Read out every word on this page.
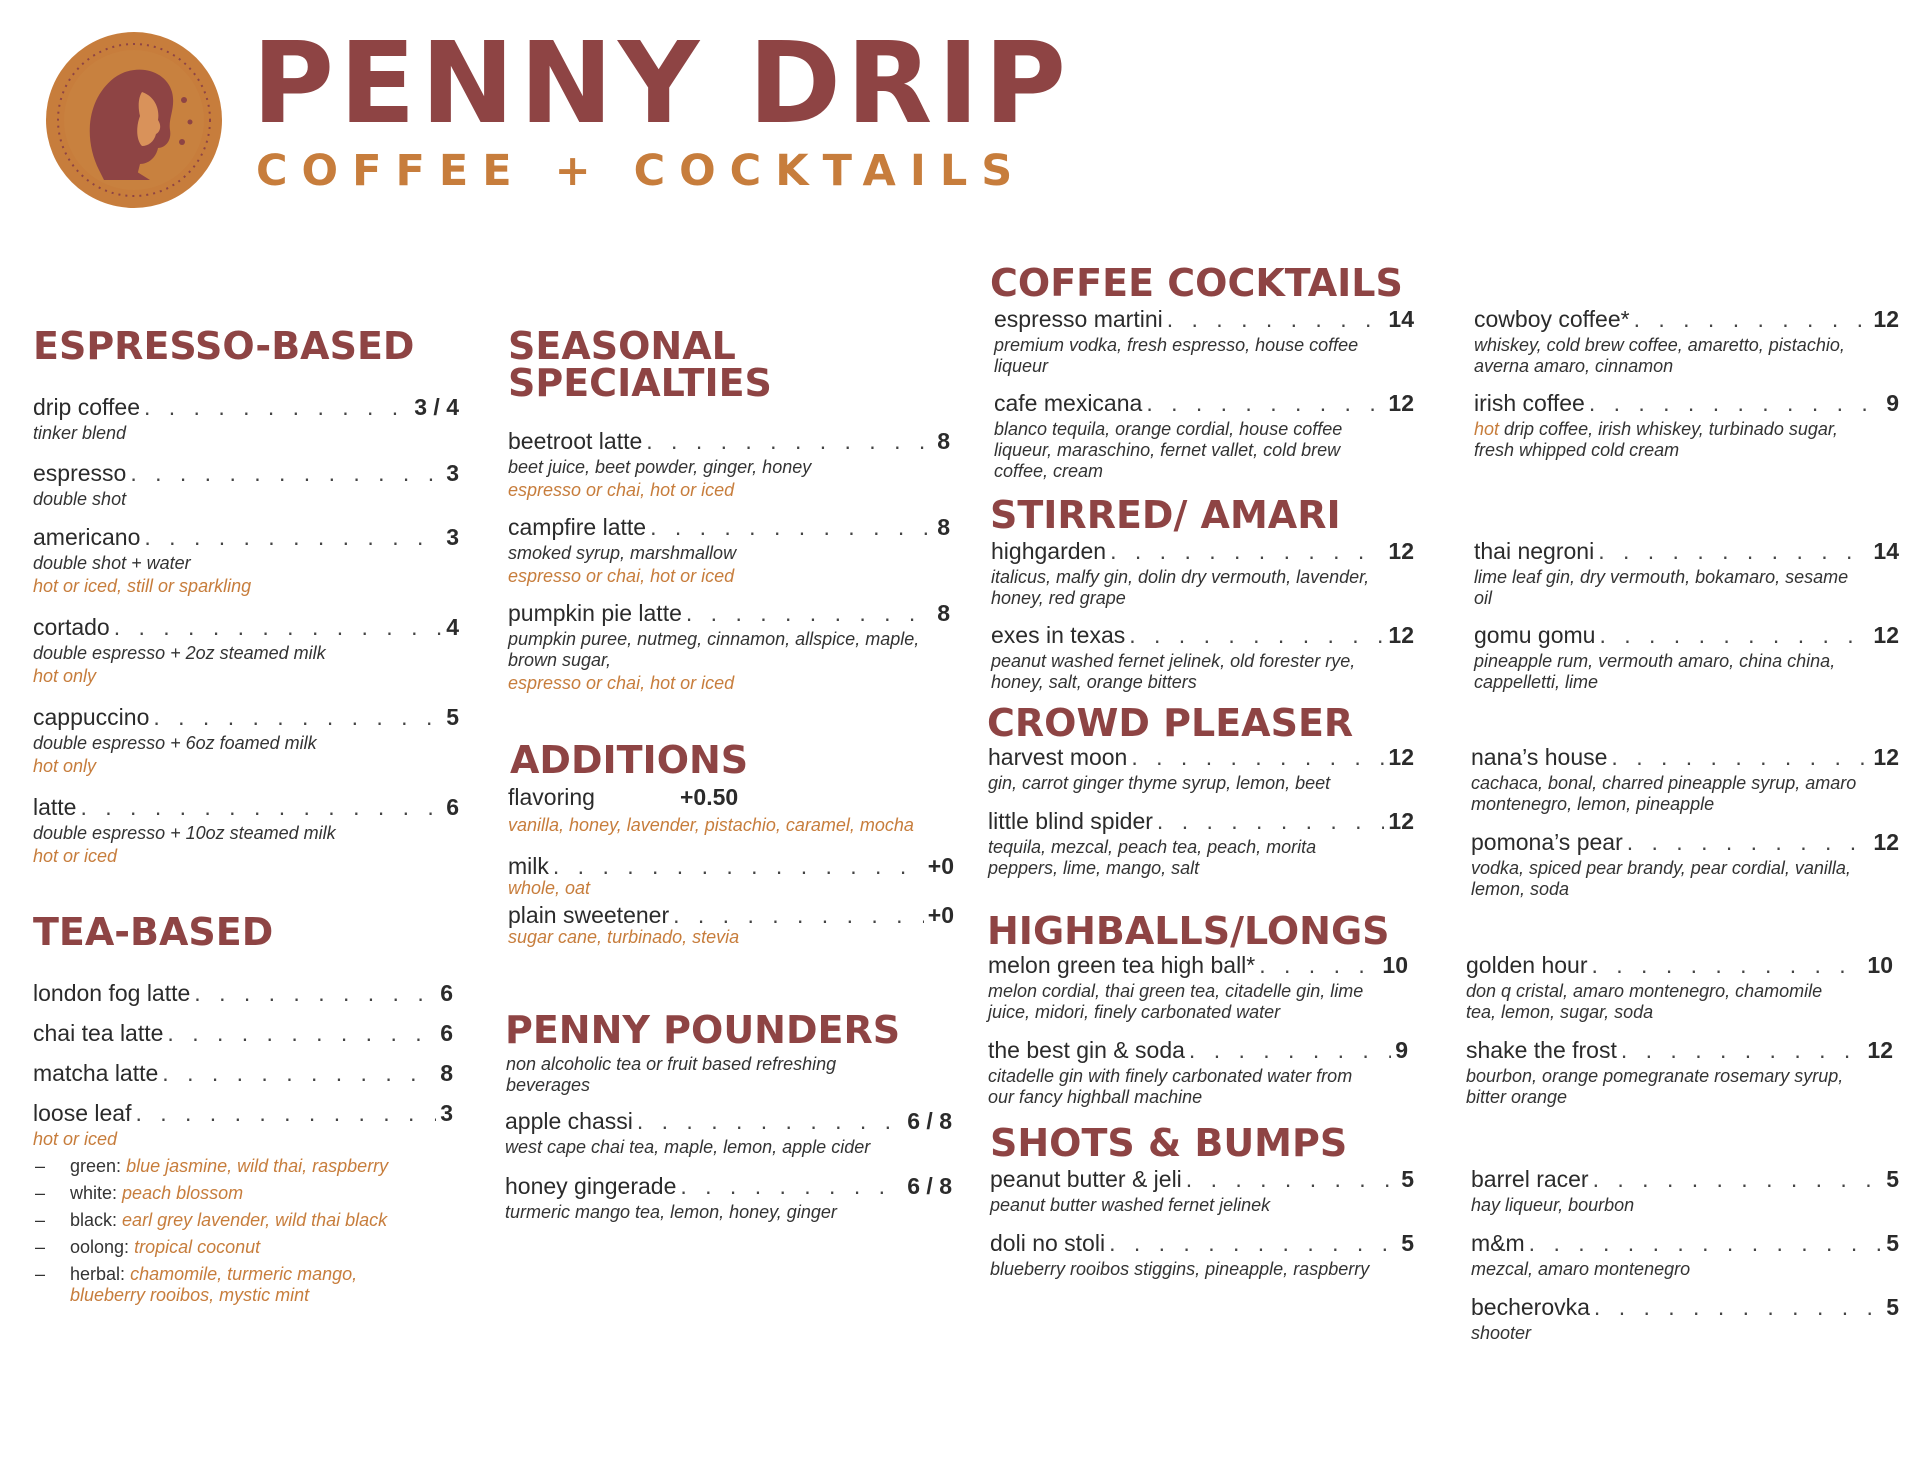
PENNY DRIP
COFFEE + COCKTAILS
ESPRESSO-BASED
drip coffee . . .	3 / 4
tinker blend
espresso . . .	3
double shot
americano . . .	3
double shot + water
hot or iced, still or sparkling
cortado . . .	4
double espresso + 2oz steamed milk
hot only
cappuccino . . .	5
double espresso + 6oz foamed milk
hot only
latte . . .	6
double espresso + 10oz steamed milk
hot or iced
TEA-BASED
london fog latte . . .	6
chai tea latte . . .	6
matcha latte . . .	8
loose leaf . . .	3
hot or iced
– green: blue jasmine, wild thai, raspberry
– white: peach blossom
– black: earl grey lavender, wild thai black
– oolong: tropical coconut
– herbal: chamomile, turmeric mango,
blueberry rooibos, mystic mint
SEASONAL
SPECIALTIES
beetroot latte . . .	8
beet juice, beet powder, ginger, honey
espresso or chai, hot or iced
campfire latte . . .	8
smoked syrup, marshmallow
espresso or chai, hot or iced
pumpkin pie latte . . .	8
pumpkin puree, nutmeg, cinnamon, allspice, maple,
brown sugar,
espresso or chai, hot or iced
ADDITIONS
flavoring	+0.50
vanilla, honey, lavender, pistachio, caramel, mocha
milk . . .	+0
whole, oat
plain sweetener . . .	+0
sugar cane, turbinado, stevia
PENNY POUNDERS
non alcoholic tea or fruit based refreshing
beverages
apple chassi . . .	6 / 8
west cape chai tea, maple, lemon, apple cider
honey gingerade . . .	6 / 8
turmeric mango tea, lemon, honey, ginger
COFFEE COCKTAILS
espresso martini . . .	14
premium vodka, fresh espresso, house coffee
liqueur
cafe mexicana . . .	12
blanco tequila, orange cordial, house coffee
liqueur, maraschino, fernet vallet, cold brew
coffee, cream
cowboy coffee* . . .	12
whiskey, cold brew coffee, amaretto, pistachio,
averna amaro, cinnamon
irish coffee . . .	9
hot drip coffee, irish whiskey, turbinado sugar,
fresh whipped cold cream
STIRRED/ AMARI
highgarden . . .	12
italicus, malfy gin, dolin dry vermouth, lavender,
honey, red grape
exes in texas . . .	12
peanut washed fernet jelinek, old forester rye,
honey, salt, orange bitters
thai negroni . . .	14
lime leaf gin, dry vermouth, bokamaro, sesame
oil
gomu gomu . . .	12
pineapple rum, vermouth amaro, china china,
cappelletti, lime
CROWD PLEASER
harvest moon . . .	12
gin, carrot ginger thyme syrup, lemon, beet
little blind spider . . .	12
tequila, mezcal, peach tea, peach, morita
peppers, lime, mango, salt
nana’s house . . .	12
cachaca, bonal, charred pineapple syrup, amaro
montenegro, lemon, pineapple
pomona’s pear . . .	12
vodka, spiced pear brandy, pear cordial, vanilla,
lemon, soda
HIGHBALLS/LONGS
melon green tea high ball* . . .	10
melon cordial, thai green tea, citadelle gin, lime
juice, midori, finely carbonated water
the best gin & soda . . .	9
citadelle gin with finely carbonated water from
our fancy highball machine
golden hour . . .	10
don q cristal, amaro montenegro, chamomile
tea, lemon, sugar, soda
shake the frost . . .	12
bourbon, orange pomegranate rosemary syrup,
bitter orange
SHOTS & BUMPS
peanut butter & jeli . . .	5
peanut butter washed fernet jelinek
doli no stoli . . .	5
blueberry rooibos stiggins, pineapple, raspberry
barrel racer . . .	5
hay liqueur, bourbon
m&m . . .	5
mezcal, amaro montenegro
becherovka . . .	5
shooter
